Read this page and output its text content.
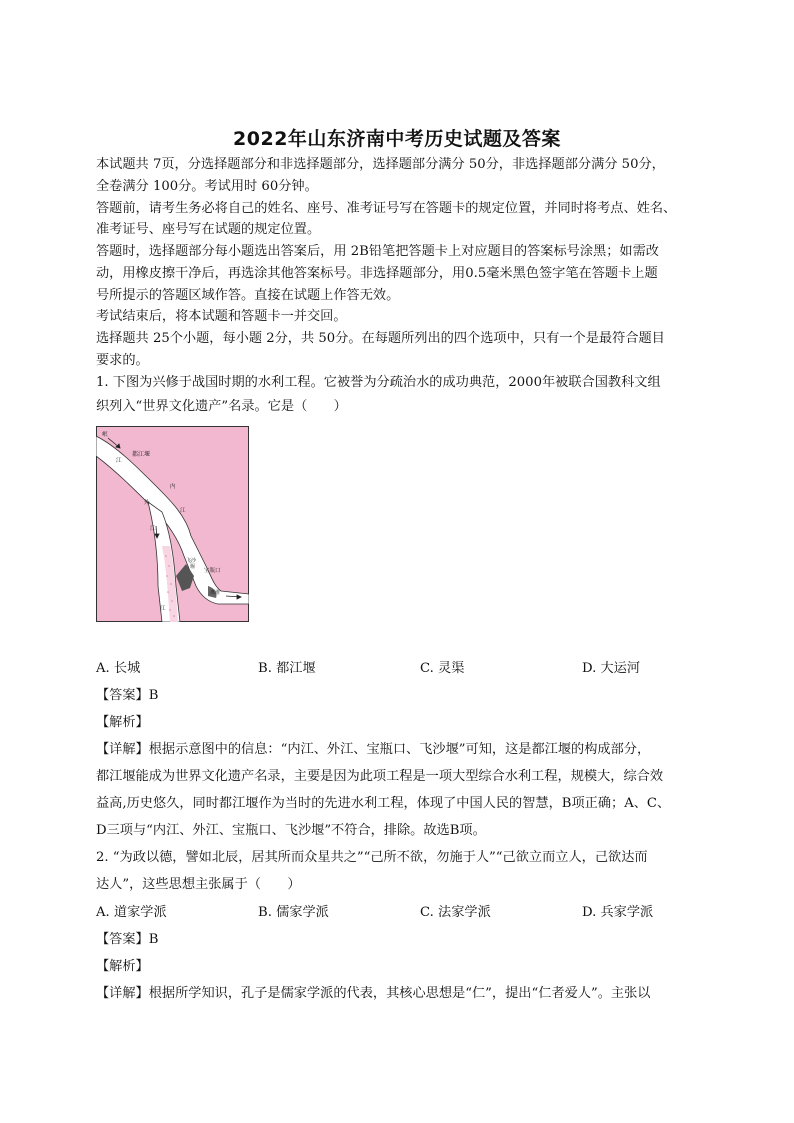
2022年山东济南中考历史试题及答案
本试题共 7页，分选择题部分和非选择题部分，选择题部分满分 50分，非选择题部分满分 50分，
全卷满分 100分。考试用时 60分钟。
答题前，请考生务必将自己的姓名、座号、准考证号写在答题卡的规定位置，并同时将考点、姓名、
准考证号、座号写在试题的规定位置。
答题时，选择题部分每小题选出答案后，用 2B铅笔把答题卡上对应题目的答案标号涂黑；如需改
动，用橡皮擦干净后，再选涂其他答案标号。非选择题部分，用0.5毫米黑色签字笔在答题卡上题
号所提示的答题区域作答。直接在试题上作答无效。
考试结束后，将本试题和答题卡一并交回。
选择题共 25个小题，每小题 2分，共 50分。在每题所列出的四个选项中，只有一个是最符合题目
要求的。
1. 下图为兴修于战国时期的水利工程。它被誉为分疏治水的成功典范，2000年被联合国教科文组
织列入“世界文化遗产”名录。它是（　　）
岷
江
都江堰
内
江
外
江
飞沙
堰
宝瓶口
离堆
江
A. 长城	B. 都江堰	C. 灵渠	D. 大运河
【答案】B
【解析】
【详解】根据示意图中的信息：“内江、外江、宝瓶口、飞沙堰”可知，这是都江堰的构成部分，
都江堰能成为世界文化遗产名录，主要是因为此项工程是一项大型综合水利工程，规模大，综合效
益高,历史悠久，同时都江堰作为当时的先进水利工程，体现了中国人民的智慧，B项正确；A、C、
D三项与“内江、外江、宝瓶口、飞沙堰”不符合，排除。故选B项。
2. “为政以德，譬如北辰，居其所而众星共之”“己所不欲，勿施于人”“己欲立而立人，己欲达而
达人”，这些思想主张属于（　　）
A. 道家学派	B. 儒家学派	C. 法家学派	D. 兵家学派
【答案】B
【解析】
【详解】根据所学知识，孔子是儒家学派的代表，其核心思想是“仁”，提出“仁者爱人”。主张以
